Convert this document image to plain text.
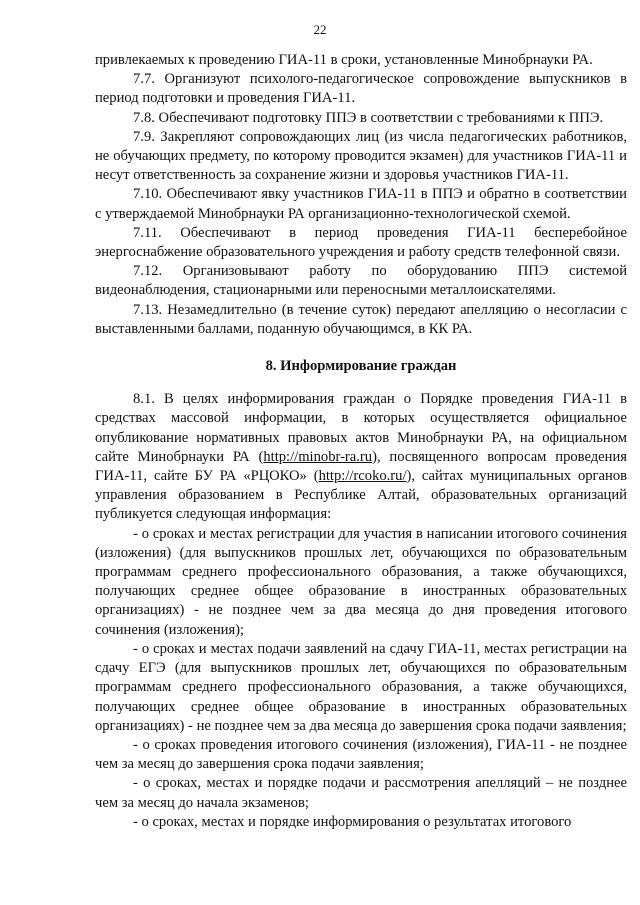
22

привлекаемых к проведению ГИА-11 в сроки, установленные Минобрнауки РА.

7.7. Организуют психолого-педагогическое сопровождение выпускников в период подготовки и проведения ГИА-11.

7.8. Обеспечивают подготовку ППЭ в соответствии с требованиями к ППЭ.

7.9. Закрепляют сопровождающих лиц (из числа педагогических работников, не обучающих предмету, по которому проводится экзамен) для участников ГИА-11 и несут ответственность за сохранение жизни и здоровья участников ГИА-11.

7.10. Обеспечивают явку участников ГИА-11 в ППЭ и обратно в соответствии с утверждаемой Минобрнауки РА организационно-технологической схемой.

7.11. Обеспечивают в период проведения ГИА-11 бесперебойное энергоснабжение образовательного учреждения и работу средств телефонной связи.

7.12. Организовывают работу по оборудованию ППЭ системой видеонаблюдения, стационарными или переносными металлоискателями.

7.13. Незамедлительно (в течение суток) передают апелляцию о несогласии с выставленными баллами, поданную обучающимся, в КК РА.

8. Информирование граждан

8.1. В целях информирования граждан о Порядке проведения ГИА-11 в средствах массовой информации, в которых осуществляется официальное опубликование нормативных правовых актов Минобрнауки РА, на официальном сайте Минобрнауки РА (http://minobr-ra.ru), посвященного вопросам проведения ГИА-11, сайте БУ РА «РЦОКО» (http://rcoko.ru/), сайтах муниципальных органов управления образованием в Республике Алтай, образовательных организаций публикуется следующая информация:

- о сроках и местах регистрации для участия в написании итогового сочинения (изложения) (для выпускников прошлых лет, обучающихся по образовательным программам среднего профессионального образования, а также обучающихся, получающих среднее общее образование в иностранных образовательных организациях) - не позднее чем за два месяца до дня проведения итогового сочинения (изложения);

- о сроках и местах подачи заявлений на сдачу ГИА-11, местах регистрации на сдачу ЕГЭ (для выпускников прошлых лет, обучающихся по образовательным программам среднего профессионального образования, а также обучающихся, получающих среднее общее образование в иностранных образовательных организациях) - не позднее чем за два месяца до завершения срока подачи заявления;

- о сроках проведения итогового сочинения (изложения), ГИА-11 - не позднее чем за месяц до завершения срока подачи заявления;

- о сроках, местах и порядке подачи и рассмотрения апелляций – не позднее чем за месяц до начала экзаменов;

- о сроках, местах и порядке информирования о результатах итогового
